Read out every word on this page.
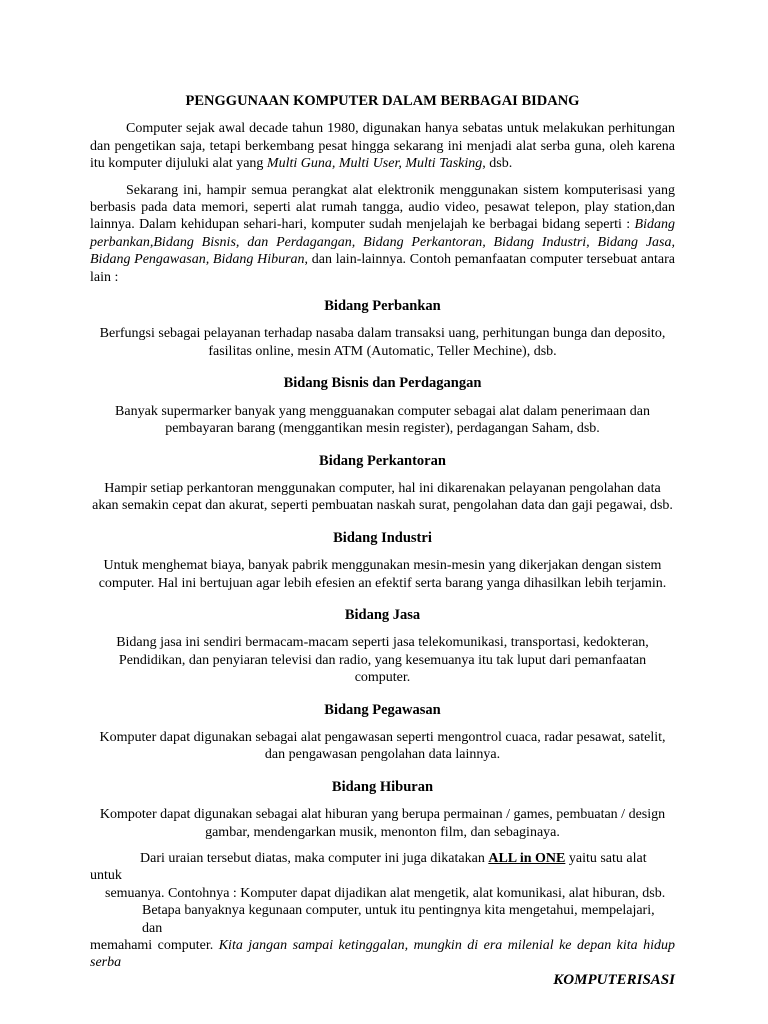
PENGGUNAAN KOMPUTER DALAM BERBAGAI BIDANG

Computer sejak awal decade tahun 1980, digunakan hanya sebatas untuk melakukan perhitungan dan pengetikan saja, tetapi berkembang pesat hingga sekarang ini menjadi alat serba guna, oleh karena itu komputer dijuluki alat yang Multi Guna, Multi User, Multi Tasking, dsb.

Sekarang ini, hampir semua perangkat alat elektronik menggunakan sistem komputerisasi yang berbasis pada data memori, seperti alat rumah tangga, audio video, pesawat telepon, play station,dan lainnya. Dalam kehidupan sehari-hari, komputer sudah menjelajah ke berbagai bidang seperti : Bidang perbankan,Bidang Bisnis, dan Perdagangan, Bidang Perkantoran, Bidang Industri, Bidang Jasa, Bidang Pengawasan, Bidang Hiburan, dan lain-lainnya. Contoh pemanfaatan computer tersebuat antara lain :

Bidang Perbankan

Berfungsi sebagai pelayanan terhadap nasaba dalam transaksi uang, perhitungan bunga dan deposito, fasilitas online, mesin ATM (Automatic, Teller Mechine), dsb.

Bidang Bisnis dan Perdagangan

Banyak supermarker banyak yang mengguanakan computer sebagai alat dalam penerimaan dan pembayaran barang (menggantikan mesin register), perdagangan Saham, dsb.

Bidang Perkantoran

Hampir setiap perkantoran menggunakan computer, hal ini dikarenakan pelayanan pengolahan data akan semakin cepat dan akurat, seperti pembuatan naskah surat, pengolahan data dan gaji pegawai, dsb.

Bidang Industri

Untuk menghemat biaya, banyak pabrik menggunakan mesin-mesin yang dikerjakan dengan sistem computer. Hal ini bertujuan agar lebih efesien an efektif serta barang yanga dihasilkan lebih terjamin.

Bidang Jasa

Bidang jasa ini sendiri bermacam-macam seperti jasa telekomunikasi, transportasi, kedokteran, Pendidikan, dan penyiaran televisi dan radio, yang kesemuanya itu tak luput dari pemanfaatan computer.

Bidang Pegawasan

Komputer dapat digunakan sebagai alat pengawasan seperti mengontrol cuaca, radar pesawat, satelit, dan pengawasan pengolahan data lainnya.

Bidang Hiburan

Kompoter dapat digunakan sebagai alat hiburan yang berupa permainan / games, pembuatan / design gambar, mendengarkan musik, menonton film, dan sebaginaya.

Dari uraian tersebut diatas, maka computer ini juga dikatakan ALL in ONE yaitu satu alat untuk
semuanya. Contohnya : Komputer dapat dijadikan alat mengetik, alat komunikasi, alat hiburan, dsb.
Betapa banyaknya kegunaan computer, untuk itu pentingnya kita mengetahui, mempelajari, dan
memahami computer. Kita jangan sampai ketinggalan, mungkin di era milenial ke depan kita hidup serba
KOMPUTERISASI
